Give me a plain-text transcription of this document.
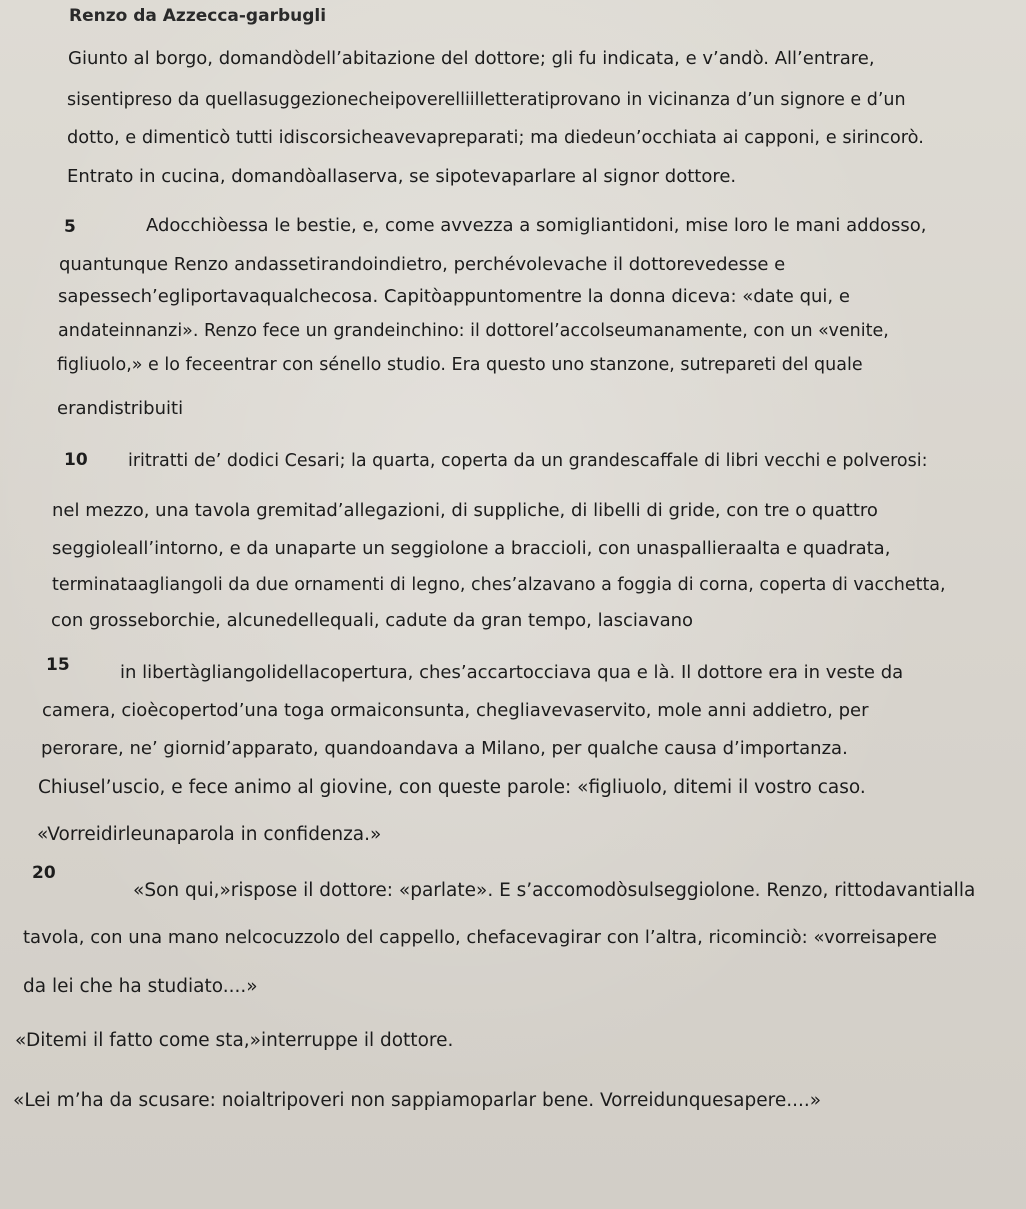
Renzo da Azzecca-garbugli
5
10
15
20
Giunto al borgo, domandòdell’abitazione del dottore; gli fu indicata, e v’andò. All’entrare,
sisentipreso da quellasuggezionecheipoverelliilletteratiprovano in vicinanza d’un signore e d’un
dotto, e dimenticò tutti idiscorsicheavevapreparati; ma diedeun’occhiata ai capponi, e sirincorò.
Entrato in cucina, domandòallaserva, se sipotevaparlare al signor dottore.
Adocchiòessa le bestie, e, come avvezza a somigliantidoni, mise loro le mani addosso,
quantunque Renzo andassetirandoindietro, perchévolevache il dottorevedesse e
sapessech’egliportavaqualchecosa. Capitòappuntomentre la donna diceva: «date qui, e
andateinnanzi». Renzo fece un grandeinchino: il dottorel’accolseumanamente, con un «venite,
figliuolo,» e lo feceentrar con sénello studio. Era questo uno stanzone, sutrepareti del quale
erandistribuiti
iritratti de’ dodici Cesari; la quarta, coperta da un grandescaffale di libri vecchi e polverosi:
nel mezzo, una tavola gremitad’allegazioni, di suppliche, di libelli di gride, con tre o quattro
seggioleall’intorno, e da unaparte un seggiolone a braccioli, con unaspallieraalta e quadrata,
terminataagliangoli da due ornamenti di legno, ches’alzavano a foggia di corna, coperta di vacchetta,
con grosseborchie, alcunedellequali, cadute da gran tempo, lasciavano
in libertàgliangolidellacopertura, ches’accartocciava qua e là. Il dottore era in veste da
camera, cioècopertod’una toga ormaiconsunta, chegliavevaservito, mole anni addietro, per
perorare, ne’ giornid’apparato, quandoandava a Milano, per qualche causa d’importanza.
Chiusel’uscio, e fece animo al giovine, con queste parole: «figliuolo, ditemi il vostro caso.
«Vorreidirleunaparola in confidenza.»
«Son qui,»rispose il dottore: «parlate». E s’accomodòsulseggiolone. Renzo, rittodavantialla
tavola, con una mano nelcocuzzolo del cappello, chefacevagirar con l’altra, ricominciò: «vorreisapere
da lei che ha studiato....»
«Ditemi il fatto come sta,»interruppe il dottore.
«Lei m’ha da scusare: noialtripoveri non sappiamoparlar bene. Vorreidunquesapere....»
